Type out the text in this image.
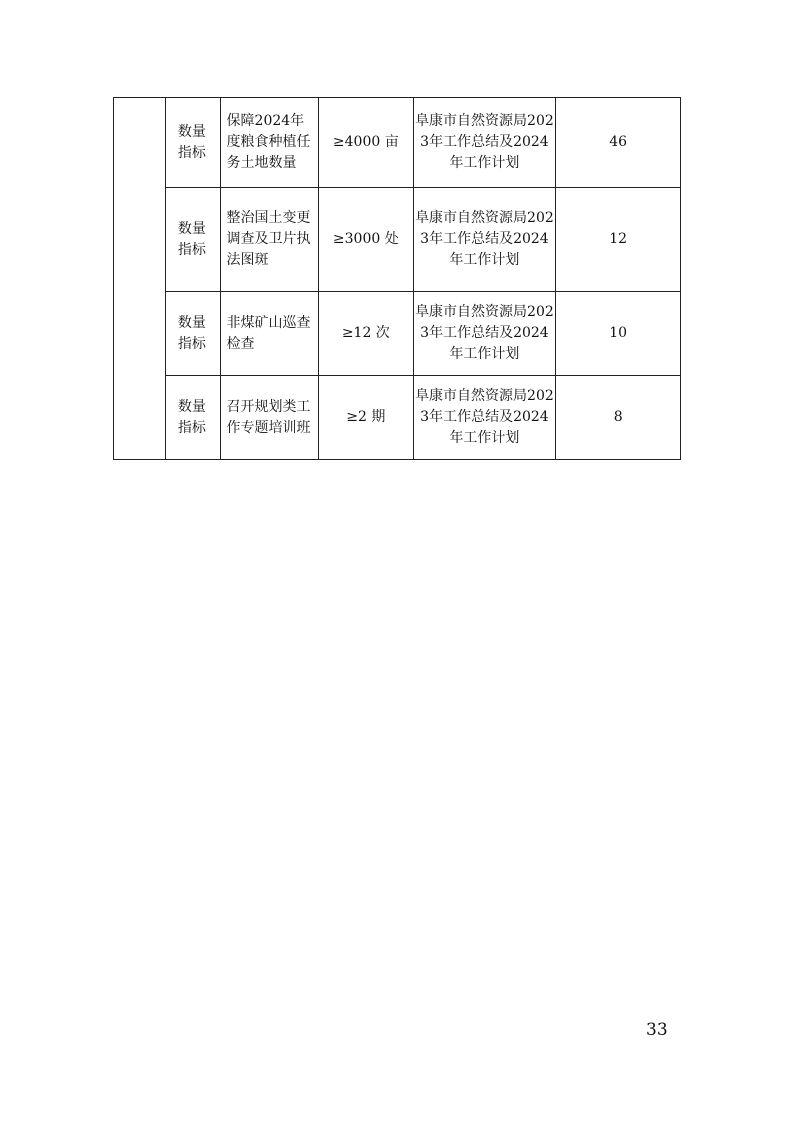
	数量指标	保障2024年度粮食种植任务土地数量	≥4000 亩	阜康市自然资源局2023年工作总结及2024年工作计划	46
	数量指标	整治国土变更调查及卫片执法图斑	≥3000 处	阜康市自然资源局2023年工作总结及2024年工作计划	12
	数量指标	非煤矿山巡查检查	≥12 次	阜康市自然资源局2023年工作总结及2024年工作计划	10
	数量指标	召开规划类工作专题培训班	≥2 期	阜康市自然资源局2023年工作总结及2024年工作计划	8
33
